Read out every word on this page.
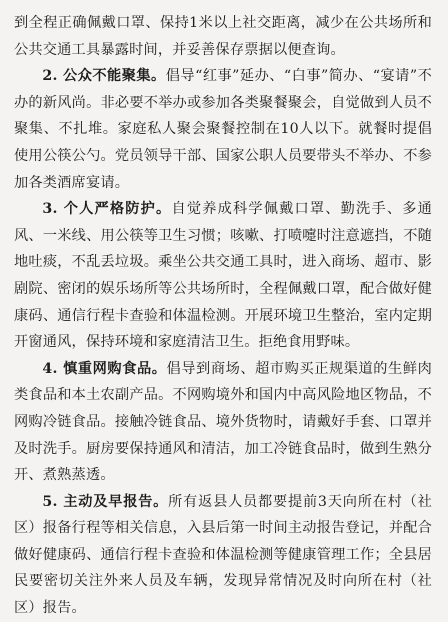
到全程正确佩戴口罩、保持1米以上社交距离，减少在公共场所和公共交通工具暴露时间，并妥善保存票据以便查询。

2. 公众不能聚集。倡导“红事”延办、“白事”简办、“宴请”不办的新风尚。非必要不举办或参加各类聚餐聚会，自觉做到人员不聚集、不扎堆。家庭私人聚会聚餐控制在10人以下。就餐时提倡使用公筷公勺。党员领导干部、国家公职人员要带头不举办、不参加各类酒席宴请。

3. 个人严格防护。自觉养成科学佩戴口罩、勤洗手、多通风、一米线、用公筷等卫生习惯；咳嗽、打喷嚏时注意遮挡，不随地吐痰，不乱丢垃圾。乘坐公共交通工具时，进入商场、超市、影剧院、密闭的娱乐场所等公共场所时，全程佩戴口罩，配合做好健康码、通信行程卡查验和体温检测。开展环境卫生整治，室内定期开窗通风，保持环境和家庭清洁卫生。拒绝食用野味。

4. 慎重网购食品。倡导到商场、超市购买正规渠道的生鲜肉类食品和本土农副产品。不网购境外和国内中高风险地区物品，不网购冷链食品。接触冷链食品、境外货物时，请戴好手套、口罩并及时洗手。厨房要保持通风和清洁，加工冷链食品时，做到生熟分开、煮熟蒸透。

5. 主动及早报告。所有返县人员都要提前3天向所在村（社区）报备行程等相关信息，入县后第一时间主动报告登记，并配合做好健康码、通信行程卡查验和体温检测等健康管理工作；全县居民要密切关注外来人员及车辆，发现异常情况及时向所在村（社区）报告。
